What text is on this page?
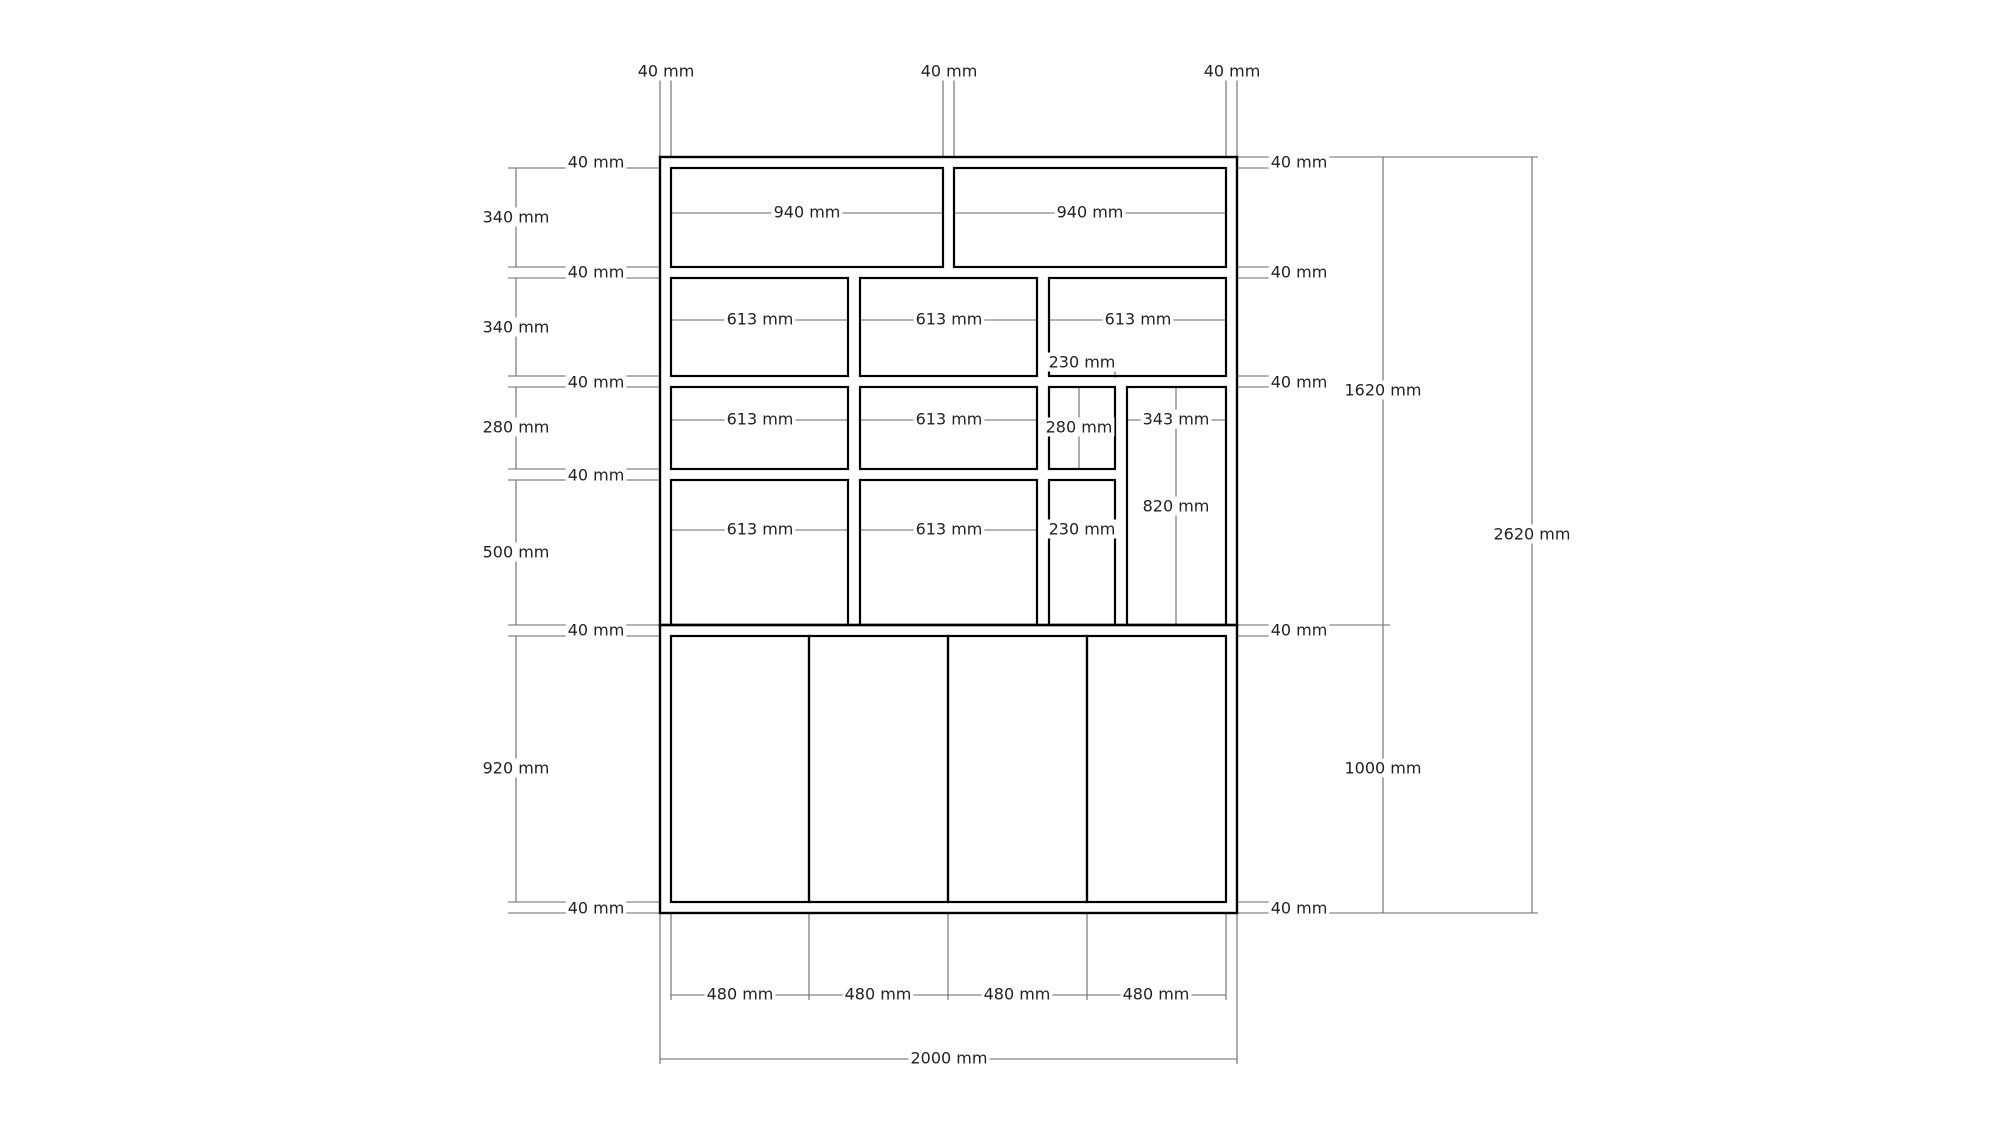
40 mm	40 mm	40 mm
40 mm
340 mm
40 mm
340 mm
40 mm
280 mm
40 mm
500 mm
40 mm
920 mm
40 mm
40 mm
40 mm
40 mm
40 mm
40 mm
1620 mm
1000 mm
2620 mm
940 mm	940 mm
613 mm	613 mm	613 mm
613 mm	613 mm
230 mm
280 mm 343 mm
820 mm
613 mm	613 mm	230 mm
480 mm	480 mm	480 mm	480 mm
2000 mm
